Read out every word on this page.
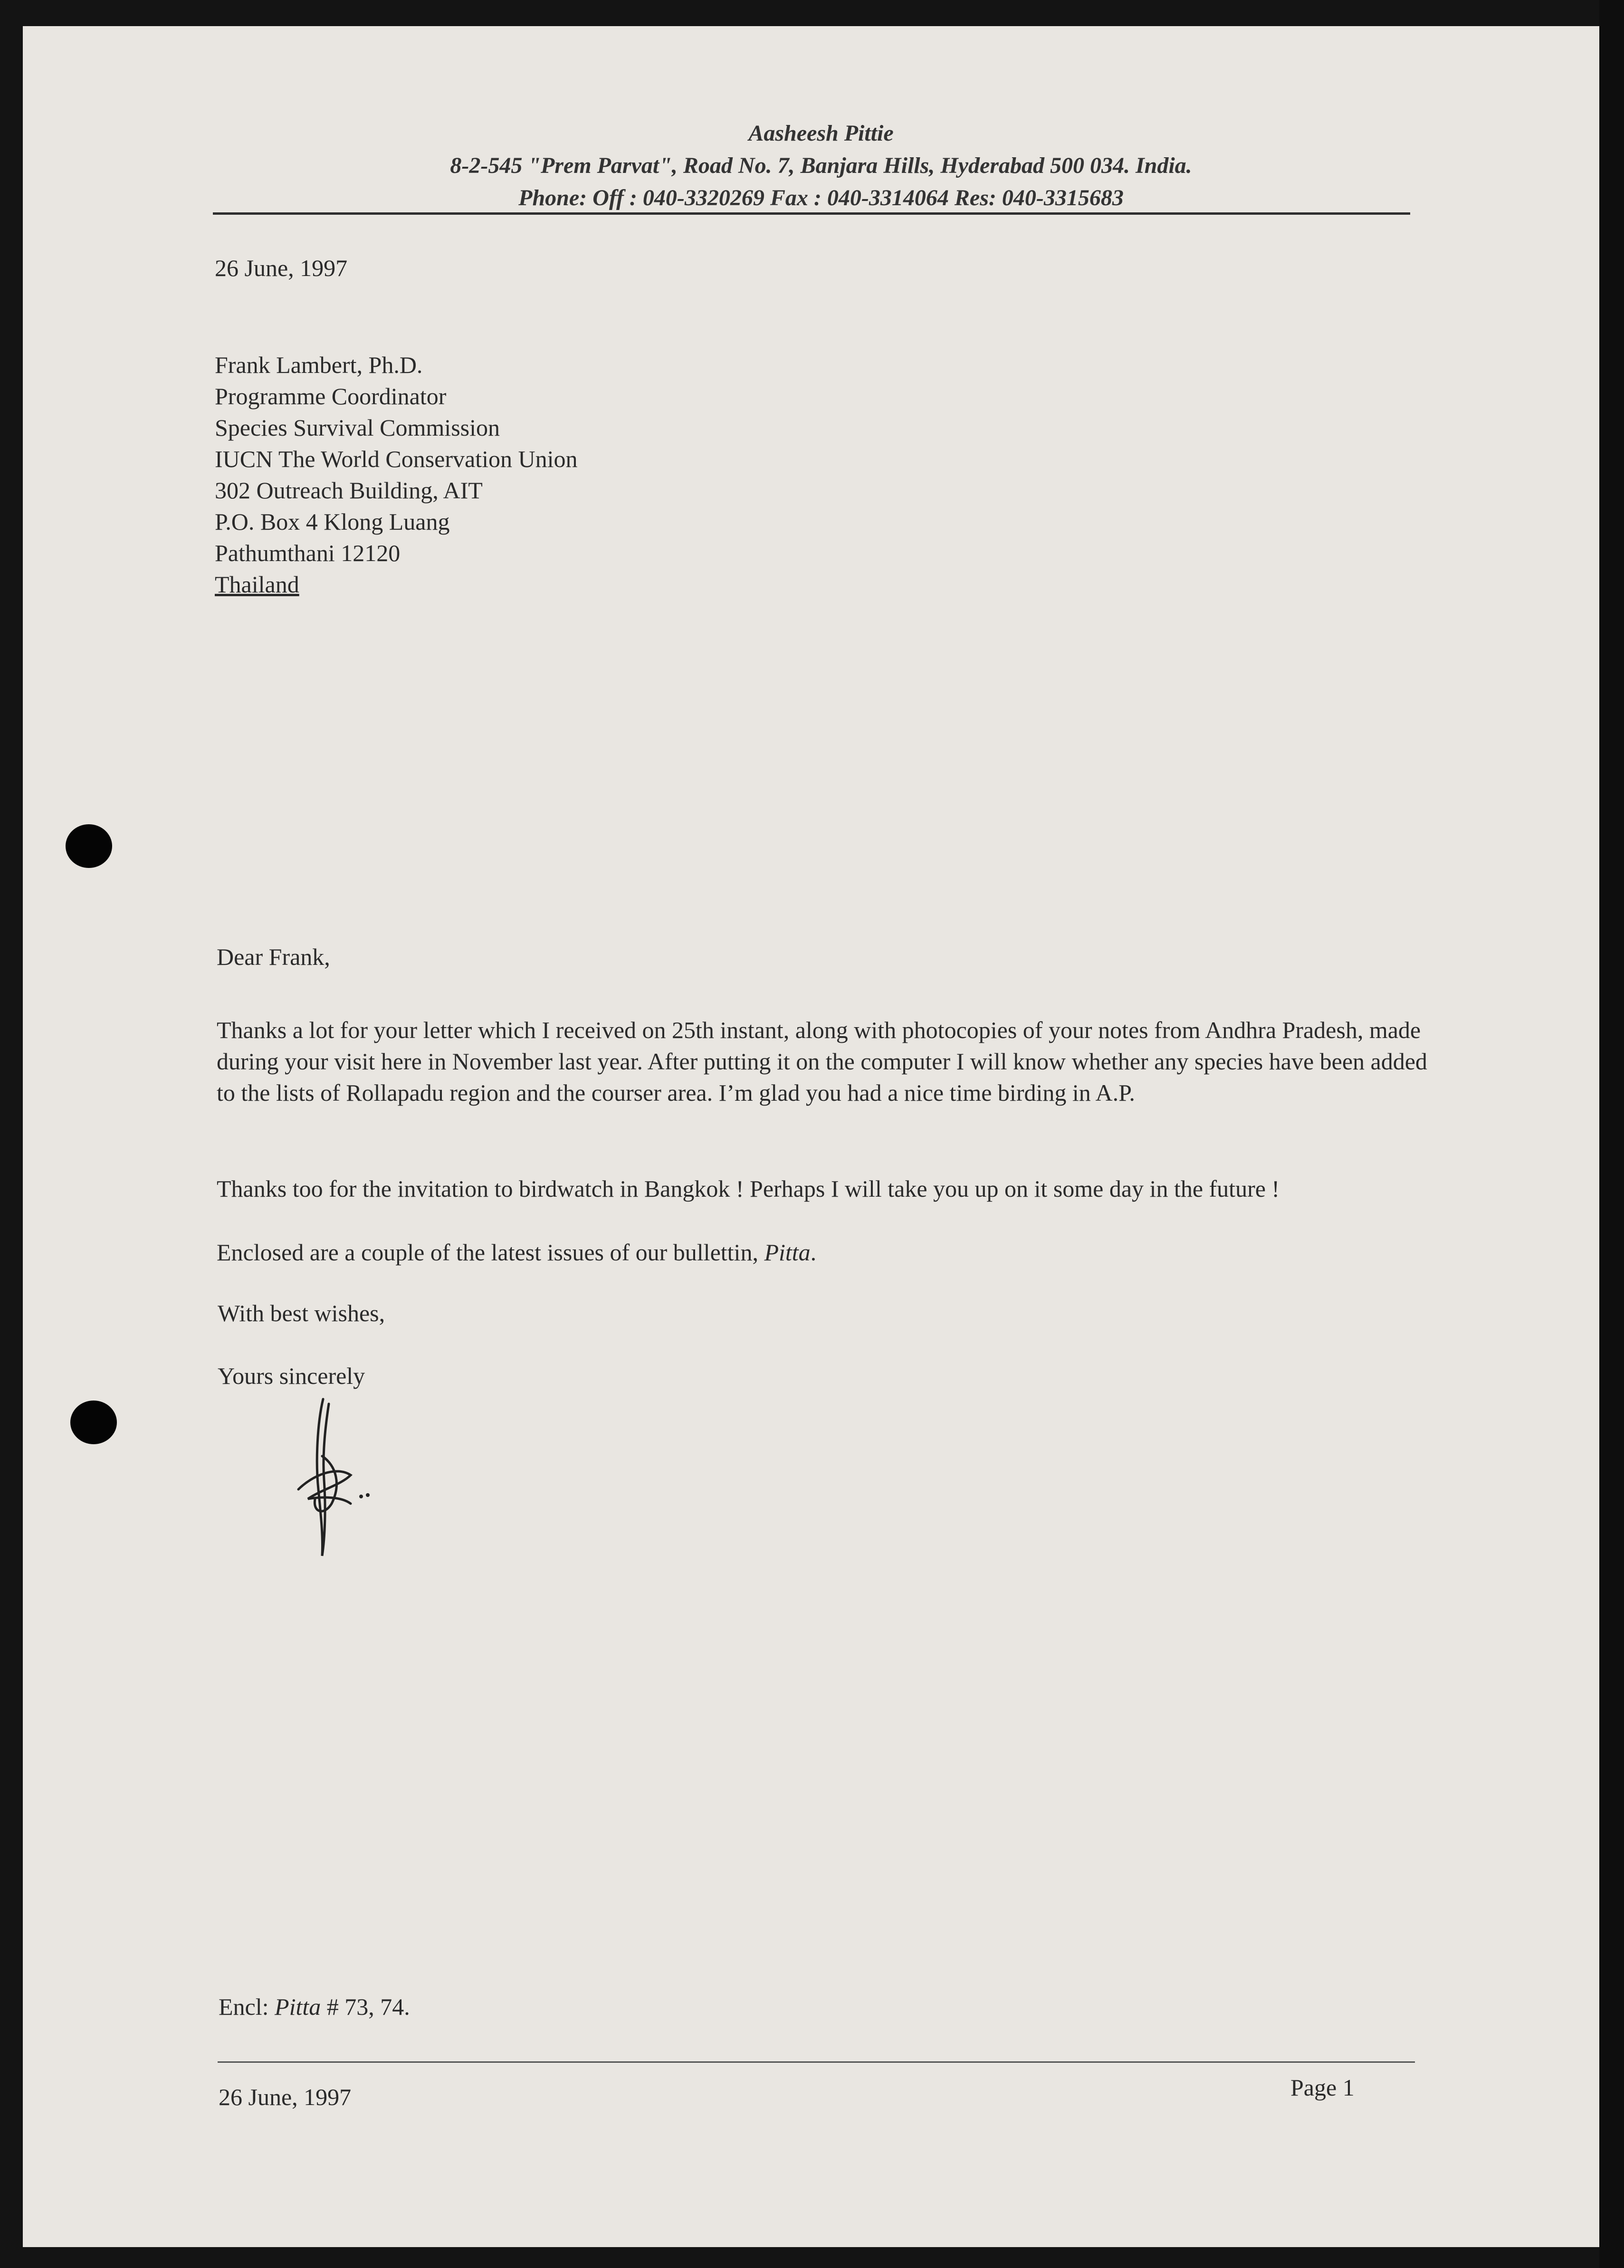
Aasheesh Pittie
8-2-545 "Prem Parvat", Road No. 7, Banjara Hills, Hyderabad 500 034. India.
Phone: Off : 040-3320269 Fax : 040-3314064 Res: 040-3315683
26 June, 1997
Frank Lambert, Ph.D.
Programme Coordinator
Species Survival Commission
IUCN The World Conservation Union
302 Outreach Building, AIT
P.O. Box 4 Klong Luang
Pathumthani 12120
Thailand
Dear Frank,
Thanks a lot for your letter which I received on 25th instant, along with photocopies of your notes from Andhra Pradesh, made during your visit here in November last year. After putting it on the computer I will know whether any species have been added to the lists of Rollapadu region and the courser area. I’m glad you had a nice time birding in A.P.
Thanks too for the invitation to birdwatch in Bangkok ! Perhaps I will take you up on it some day in the future !
Enclosed are a couple of the latest issues of our bullettin, Pitta.
With best wishes,
Yours sincerely
Encl: Pitta # 73, 74.
26 June, 1997	Page 1
